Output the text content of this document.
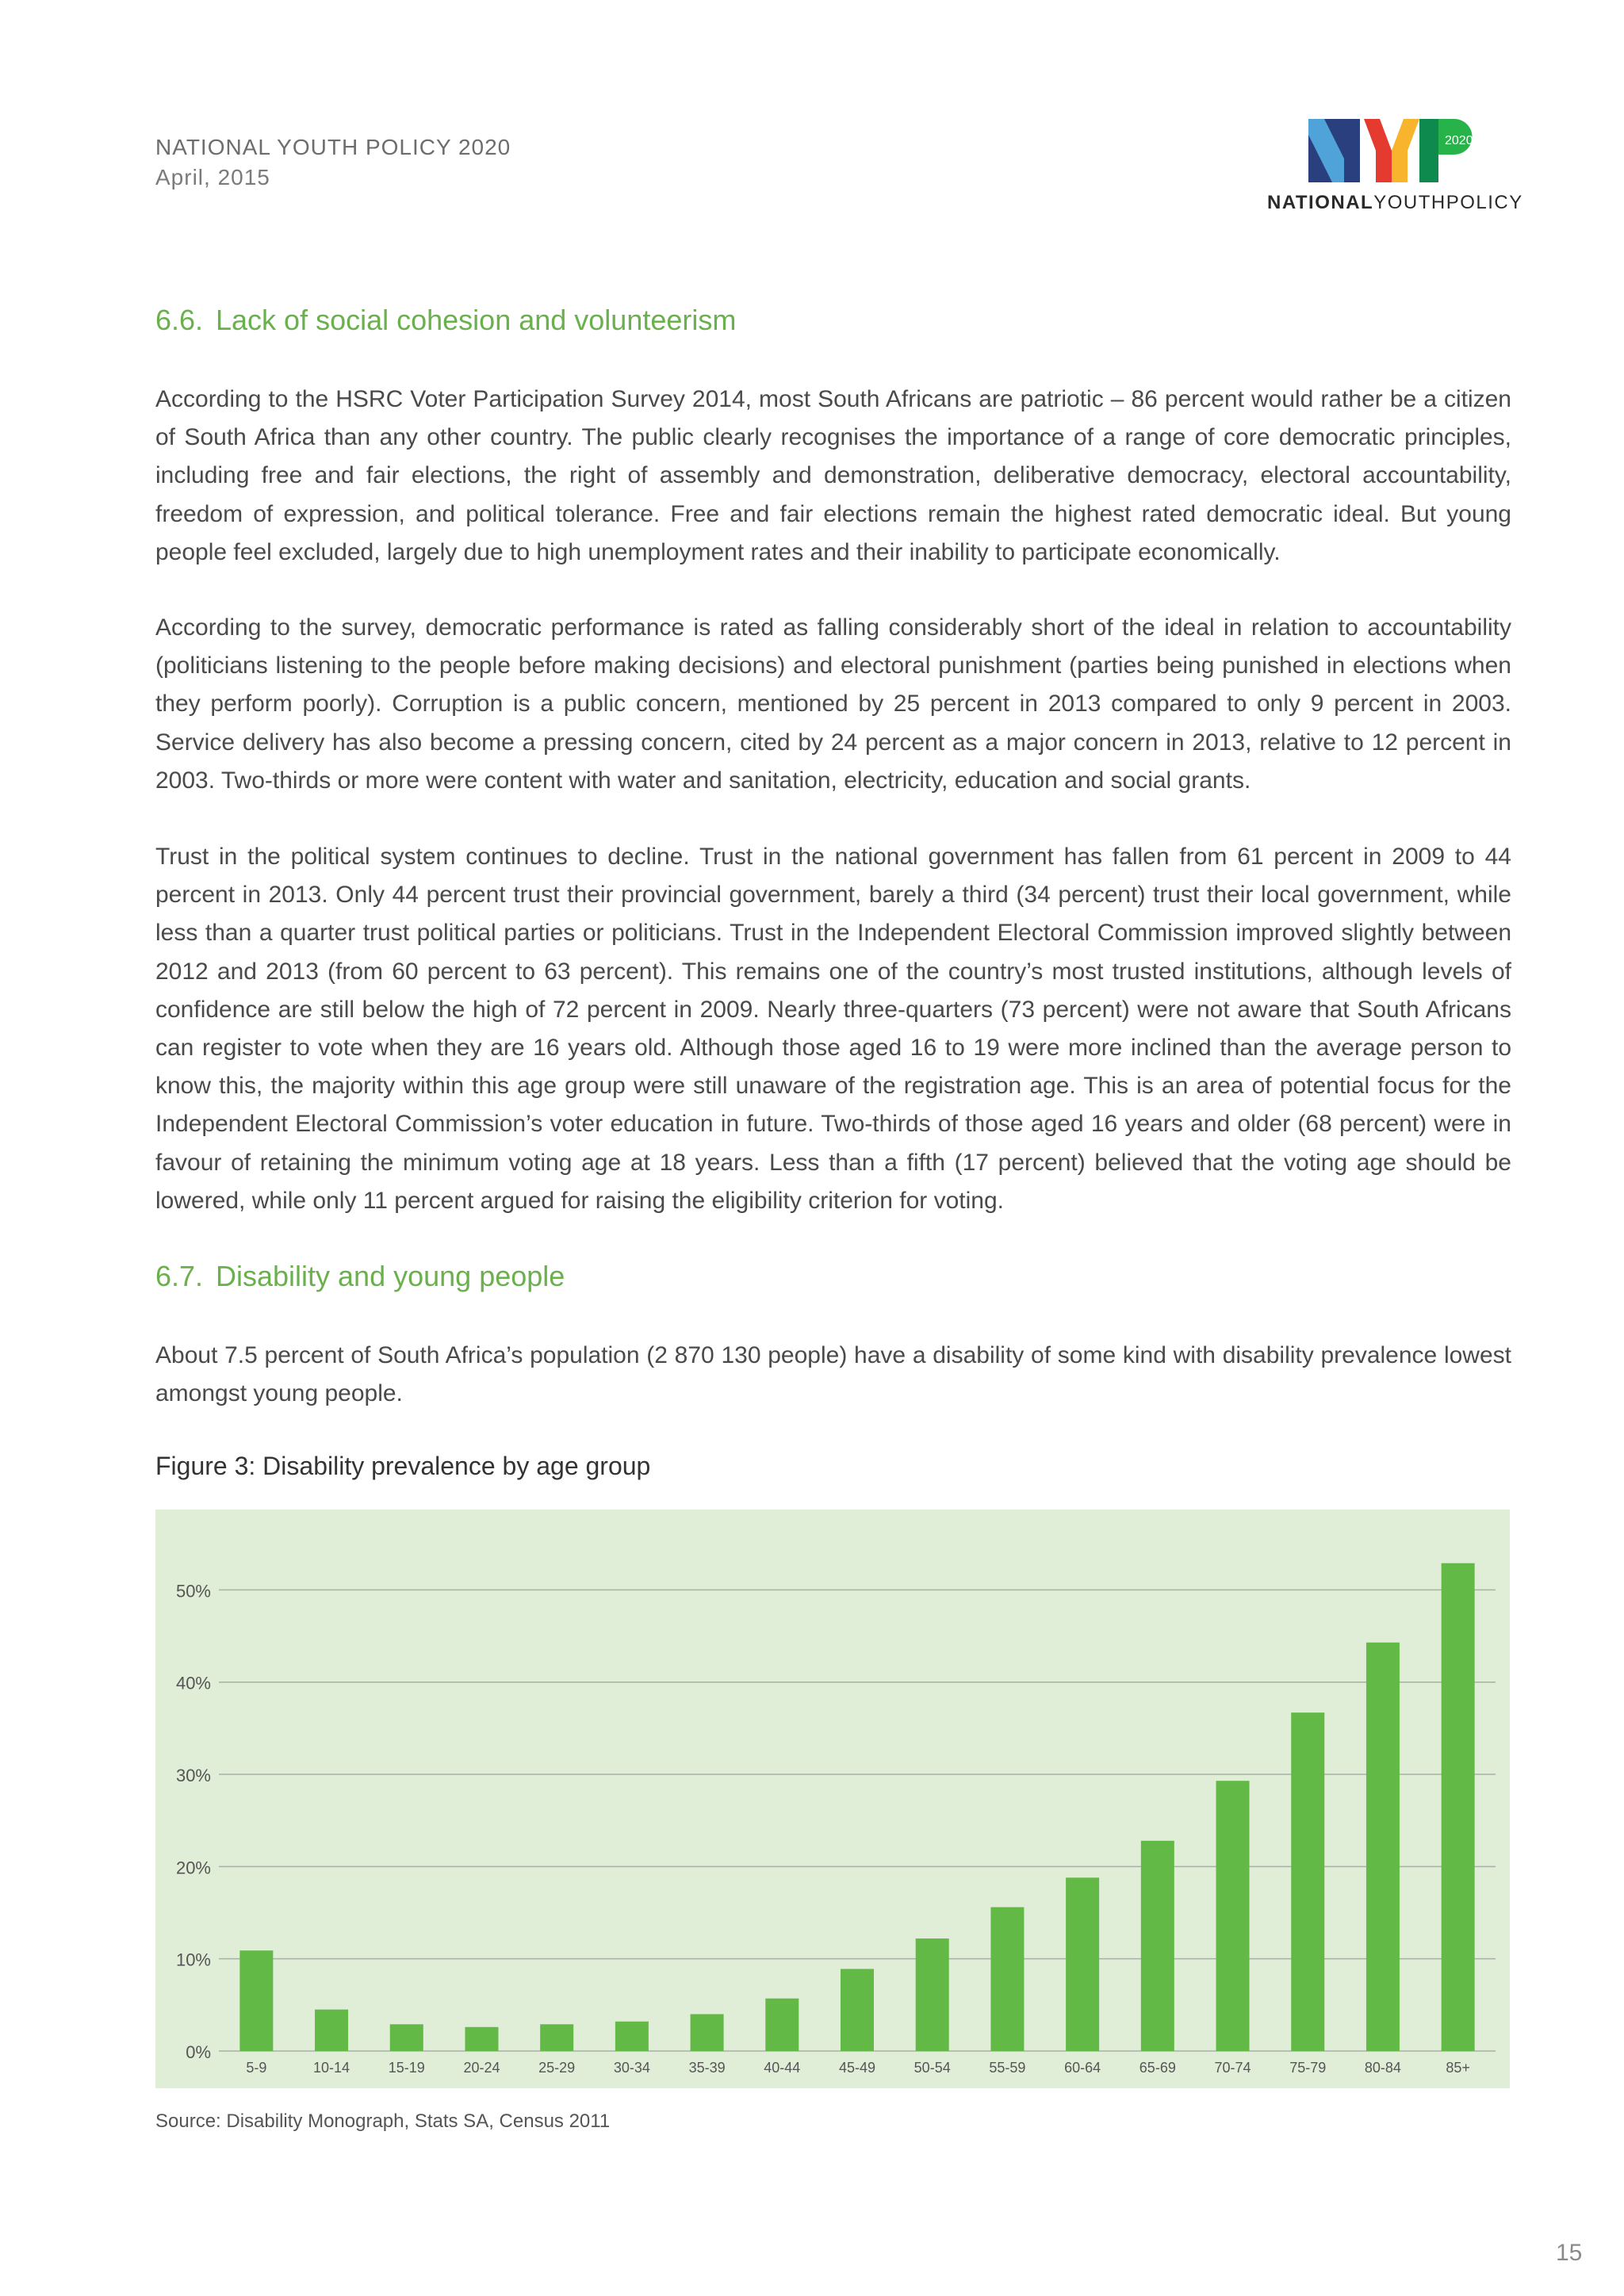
NATIONAL YOUTH POLICY 2020
April, 2015
2020
NATIONALYOUTHPOLICY
6.6. Lack of social cohesion and volunteerism

According to the HSRC Voter Participation Survey 2014, most South Africans are patriotic – 86 percent would rather be a citizen of South Africa than any other country. The public clearly recognises the importance of a range of core democratic principles, including free and fair elections, the right of assembly and demonstration, deliberative democracy, electoral accountability, freedom of expression, and political tolerance. Free and fair elections remain the highest rated democratic ideal. But young people feel excluded, largely due to high unemployment rates and their inability to participate economically.

According to the survey, democratic performance is rated as falling considerably short of the ideal in relation to accountability (politicians listening to the people before making decisions) and electoral punishment (parties being punished in elections when they perform poorly). Corruption is a public concern, mentioned by 25 percent in 2013 compared to only 9 percent in 2003. Service delivery has also become a pressing concern, cited by 24 percent as a major concern in 2013, relative to 12 percent in 2003. Two-thirds or more were content with water and sanitation, electricity, education and social grants.

Trust in the political system continues to decline. Trust in the national government has fallen from 61 percent in 2009 to 44 percent in 2013. Only 44 percent trust their provincial government, barely a third (34 percent) trust their local government, while less than a quarter trust political parties or politicians. Trust in the Independent Electoral Commission improved slightly between 2012 and 2013 (from 60 percent to 63 percent). This remains one of the country’s most trusted institutions, although levels of confidence are still below the high of 72 percent in 2009. Nearly three-quarters (73 percent) were not aware that South Africans can register to vote when they are 16 years old. Although those aged 16 to 19 were more inclined than the average person to know this, the majority within this age group were still unaware of the registration age. This is an area of potential focus for the Independent Electoral Commission’s voter education in future. Two-thirds of those aged 16 years and older (68 percent) were in favour of retaining the minimum voting age at 18 years. Less than a fifth (17 percent) believed that the voting age should be lowered, while only 11 percent argued for raising the eligibility criterion for voting.

6.7. Disability and young people

About 7.5 percent of South Africa’s population (2 870 130 people) have a disability of some kind with disability prevalence lowest amongst young people.

Figure 3: Disability prevalence by age group
0%
10%
20%
30%
40%
50%
5-9	10-14	15-19	20-24	25-29	30-34	35-39	40-44	45-49	50-54	55-59	60-64	65-69	70-74	75-79	80-84	85+
Source: Disability Monograph, Stats SA, Census 2011
15
